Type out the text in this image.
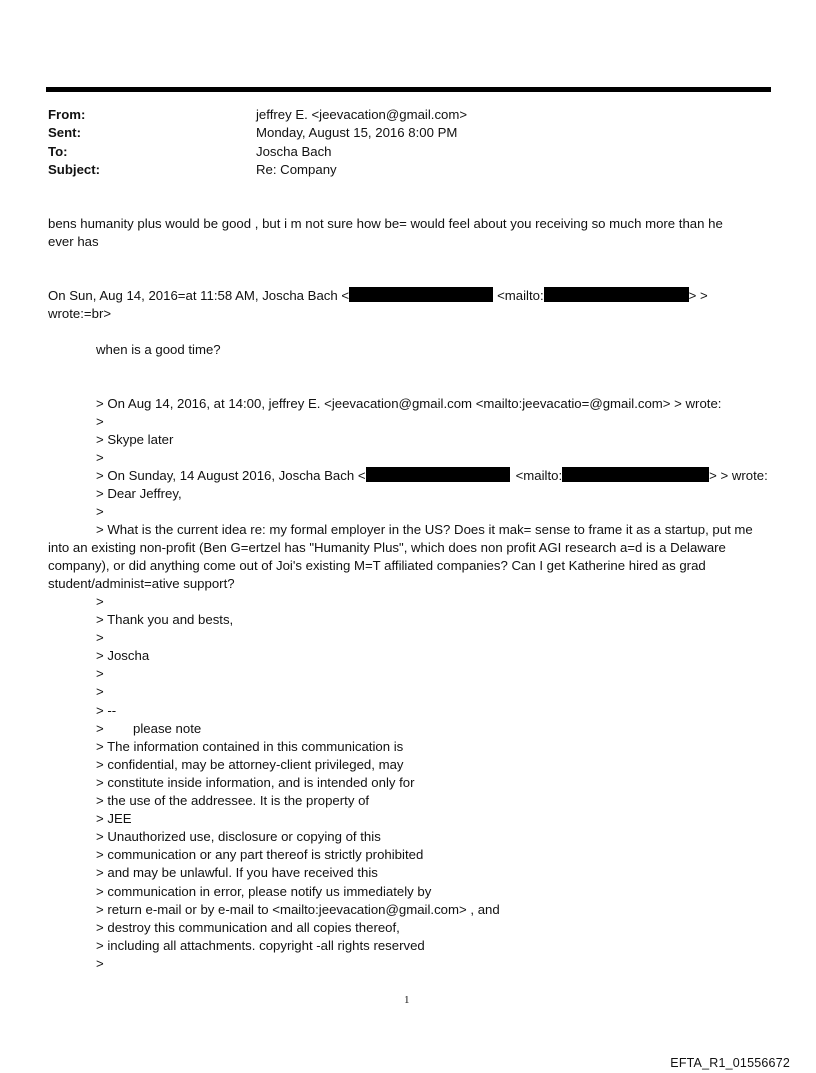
From:	jeffrey E. <jeevacation@gmail.com>
Sent:	Monday, August 15, 2016 8:00 PM
To:	Joscha Bach
Subject:	Re: Company
bens humanity plus would be good , but i m not sure how be= would feel about you receiving so much more than he
ever has
On Sun, Aug 14, 2016=at 11:58 AM, Joscha Bach <	<mailto:	> >
wrote:=br>
when is a good time?
> On Aug 14, 2016, at 14:00, jeffrey E. <jeevacation@gmail.com <mailto:jeevacatio=@gmail.com> > wrote:
>
> Skype later
>
> On Sunday, 14 August 2016, Joscha Bach <	<mailto:	> > wrote:
> Dear Jeffrey,
>
> What is the current idea re: my formal employer in the US? Does it mak= sense to frame it as a startup, put me
into an existing non-profit (Ben G=ertzel has "Humanity Plus", which does non profit AGI research a=d is a Delaware
company), or did anything come out of Joi's existing M=T affiliated companies? Can I get Katherine hired as grad
student/administ=ative support?
>
> Thank you and bests,
>
> Joscha
>
>
> --
>        please note
> The information contained in this communication is
> confidential, may be attorney-client privileged, may
> constitute inside information, and is intended only for
> the use of the addressee. It is the property of
> JEE
> Unauthorized use, disclosure or copying of this
> communication or any part thereof is strictly prohibited
> and may be unlawful. If you have received this
> communication in error, please notify us immediately by
> return e-mail or by e-mail to <mailto:jeevacation@gmail.com> , and
> destroy this communication and all copies thereof,
> including all attachments. copyright -all rights reserved
>
1
EFTA_R1_01556672
